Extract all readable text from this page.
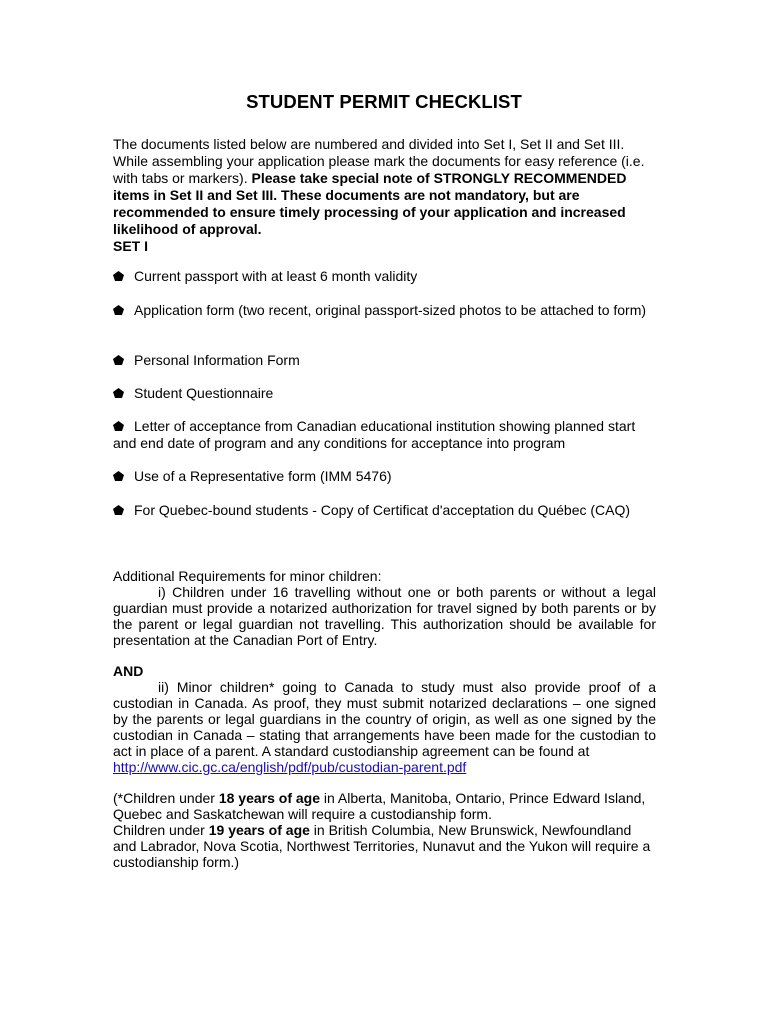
STUDENT PERMIT CHECKLIST
The documents listed below are numbered and divided into Set I, Set II and Set III. While assembling your application please mark the documents for easy reference (i.e. with tabs or markers). Please take special note of STRONGLY RECOMMENDED items in Set II and Set III. These documents are not mandatory, but are recommended to ensure timely processing of your application and increased likelihood of approval.
SET I
Current passport with at least 6 month validity
Application form (two recent, original passport-sized photos to be attached to form)
Personal Information Form
Student Questionnaire
Letter of acceptance from Canadian educational institution showing planned start and end date of program and any conditions for acceptance into program
Use of a Representative form (IMM 5476)
For Quebec-bound students - Copy of Certificat d'acceptation du Québec (CAQ)
Additional Requirements for minor children:
i) Children under 16 travelling without one or both parents or without a legal guardian must provide a notarized authorization for travel signed by both parents or by the parent or legal guardian not travelling. This authorization should be available for presentation at the Canadian Port of Entry.
AND
ii) Minor children* going to Canada to study must also provide proof of a custodian in Canada. As proof, they must submit notarized declarations – one signed by the parents or legal guardians in the country of origin, as well as one signed by the custodian in Canada – stating that arrangements have been made for the custodian to act in place of a parent. A standard custodianship agreement can be found at
http://www.cic.gc.ca/english/pdf/pub/custodian-parent.pdf
(*Children under 18 years of age in Alberta, Manitoba, Ontario, Prince Edward Island, Quebec and Saskatchewan will require a custodianship form.
Children under 19 years of age in British Columbia, New Brunswick, Newfoundland and Labrador, Nova Scotia, Northwest Territories, Nunavut and the Yukon will require a custodianship form.)
